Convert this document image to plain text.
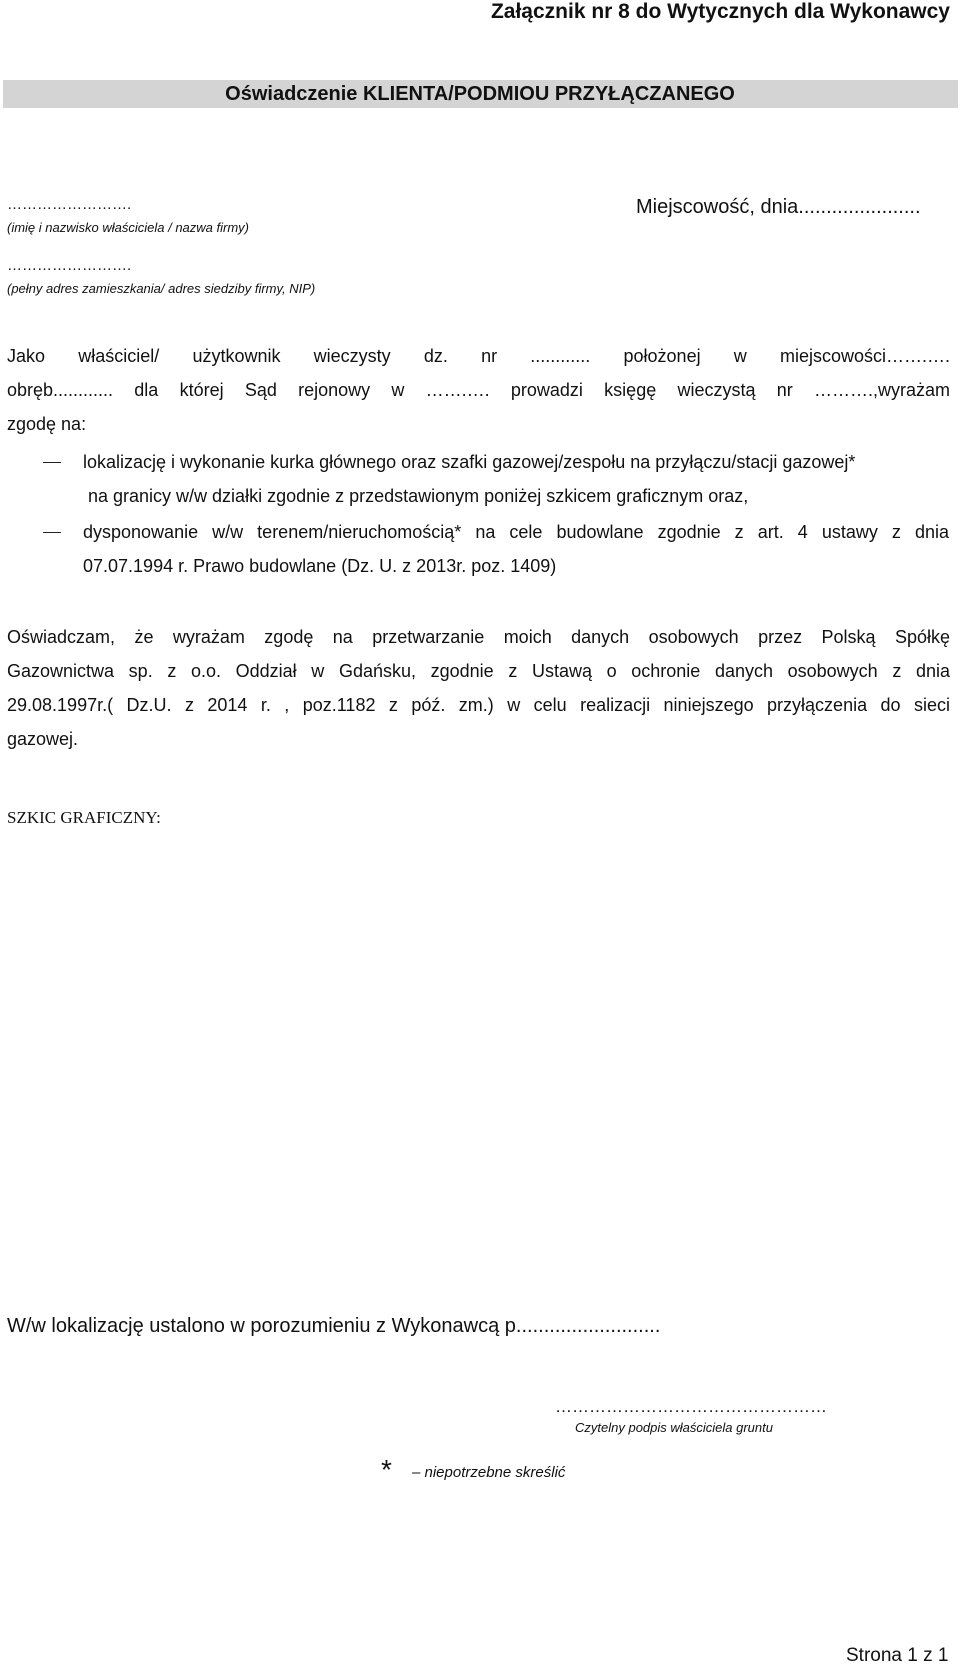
Załącznik nr 8 do Wytycznych dla Wykonawcy
Oświadczenie KLIENTA/PODMIOU PRZYŁĄCZANEGO
…………………….
(imię i nazwisko właściciela / nazwa firmy)
Miejscowość, dnia......................
…………………….
(pełny adres zamieszkania/ adres siedziby firmy, NIP)
Jako właściciel/ użytkownik wieczysty dz. nr ............ położonej w miejscowości…….….
obręb............ dla której Sąd rejonowy w …….…. prowadzi księgę wieczystą nr ……….,wyrażam
zgodę na:
lokalizację i wykonanie kurka głównego oraz szafki gazowej/zespołu na przyłączu/stacji gazowej*
na granicy w/w działki zgodnie z przedstawionym poniżej szkicem graficznym oraz,
dysponowanie w/w terenem/nieruchomością* na cele budowlane zgodnie z art. 4 ustawy z dnia
07.07.1994 r. Prawo budowlane (Dz. U. z 2013r. poz. 1409)
Oświadczam, że wyrażam zgodę na przetwarzanie moich danych osobowych przez Polską Spółkę
Gazownictwa sp. z o.o. Oddział w Gdańsku, zgodnie z Ustawą o ochronie danych osobowych z dnia
29.08.1997r.( Dz.U. z 2014 r. , poz.1182 z póź. zm.) w celu realizacji niniejszego przyłączenia do sieci
gazowej.
SZKIC GRAFICZNY:
W/w lokalizację ustalono w porozumieniu z Wykonawcą p..........................
…………………………………………
Czytelny podpis właściciela gruntu
* – niepotrzebne skreślić
Strona 1 z 1
